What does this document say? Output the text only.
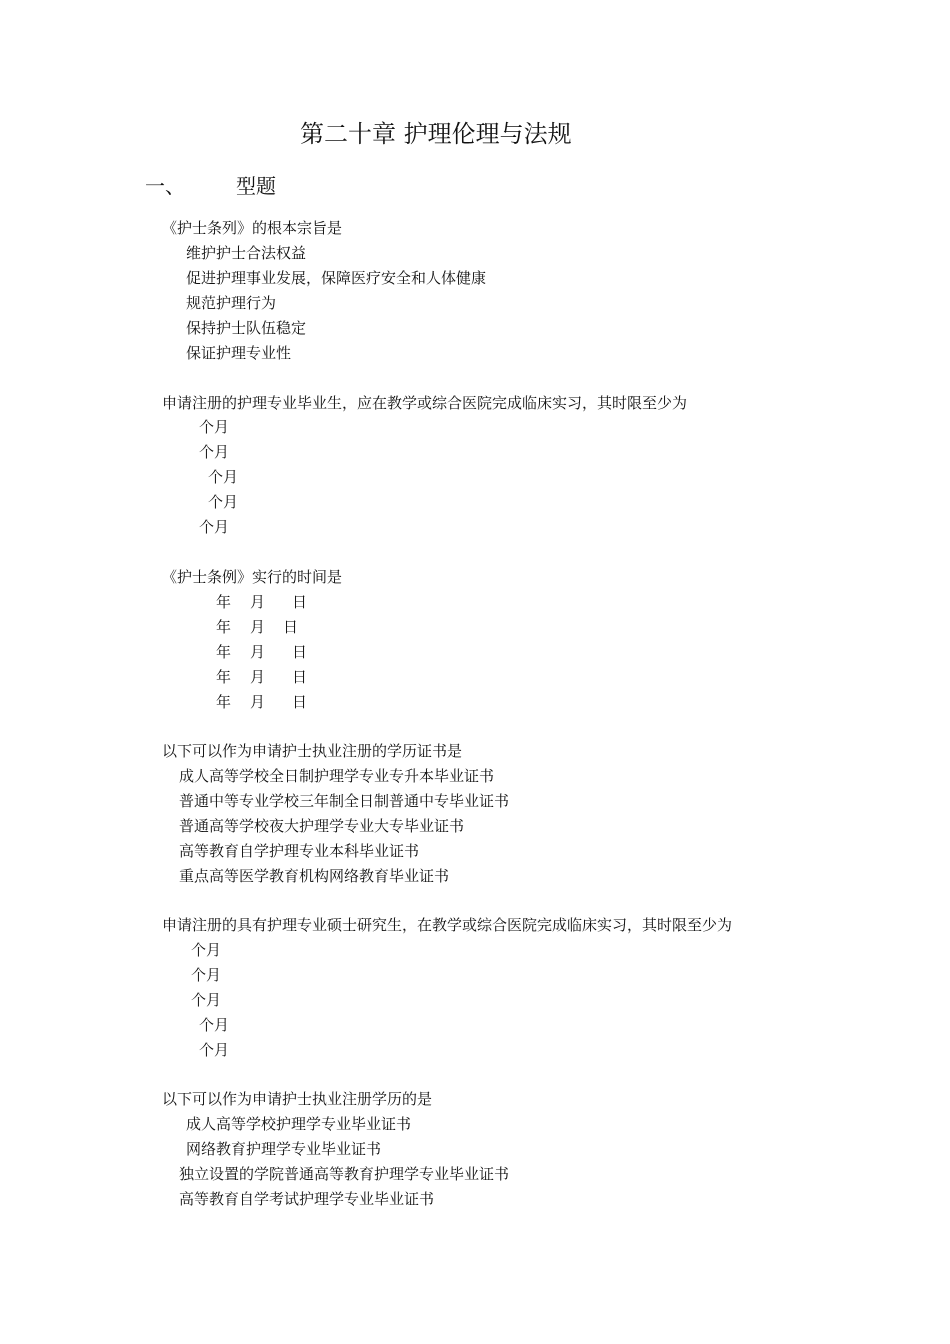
第二十章 护理伦理与法规
一、	型题
《护士条列》的根本宗旨是
维护护士合法权益
促进护理事业发展，保障医疗安全和人体健康
规范护理行为
保持护士队伍稳定
保证护理专业性
申请注册的护理专业毕业生，应在教学或综合医院完成临床实习，其时限至少为
个月
个月
个月
个月
个月
《护士条例》实行的时间是
年 月 日
年 月 日
年 月 日
年 月 日
年 月 日
以下可以作为申请护士执业注册的学历证书是
成人高等学校全日制护理学专业专升本毕业证书
普通中等专业学校三年制全日制普通中专毕业证书
普通高等学校夜大护理学专业大专毕业证书
高等教育自学护理专业本科毕业证书
重点高等医学教育机构网络教育毕业证书
申请注册的具有护理专业硕士研究生，在教学或综合医院完成临床实习，其时限至少为
个月
个月
个月
个月
个月
以下可以作为申请护士执业注册学历的是
成人高等学校护理学专业毕业证书
网络教育护理学专业毕业证书
独立设置的学院普通高等教育护理学专业毕业证书
高等教育自学考试护理学专业毕业证书
